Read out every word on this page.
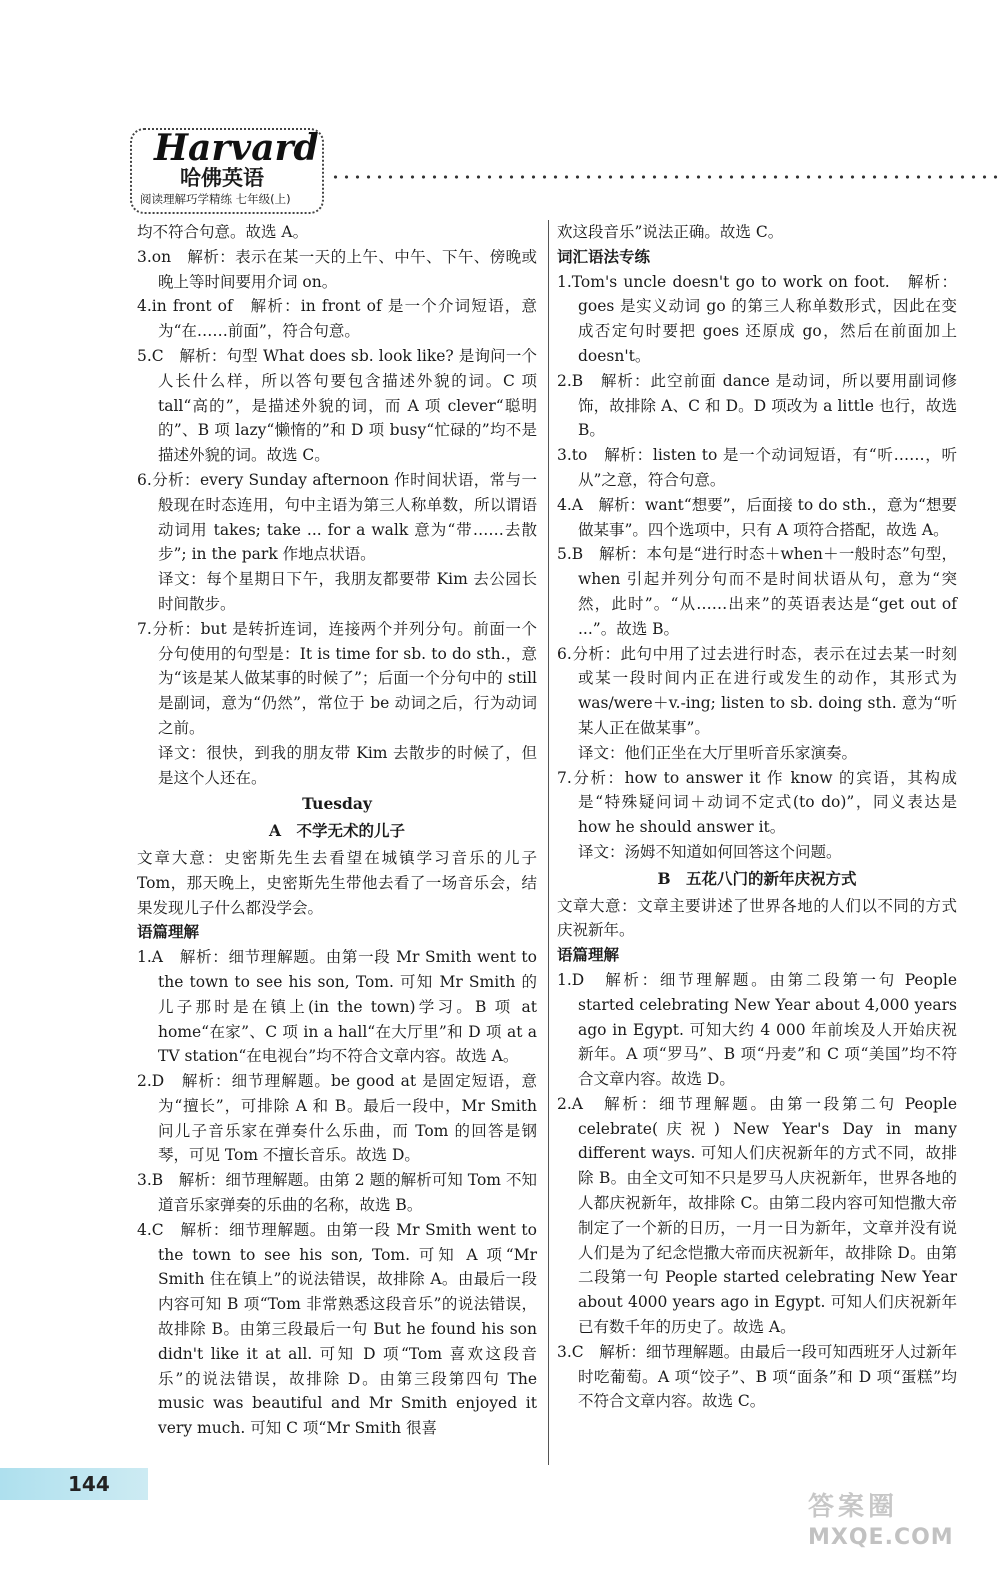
Harvard
哈佛英语
阅读理解巧学精练 七年级(上)

均不符合句意。故选 A。

3.on　解析：表示在某一天的上午、中午、下午、傍晚或晚上等时间要用介词 on。

4.in front of　解析：in front of 是一个介词短语，意为“在……前面”，符合句意。

5.C　解析：句型 What does sb. look like? 是询问一个人长什么样，所以答句要包含描述外貌的词。C 项 tall“高的”，是描述外貌的词，而 A 项 clever“聪明的”、B 项 lazy“懒惰的”和 D 项 busy“忙碌的”均不是描述外貌的词。故选 C。

6.分析：every Sunday afternoon 作时间状语，常与一般现在时态连用，句中主语为第三人称单数，所以谓语动词用 takes; take ... for a walk 意为“带……去散步”; in the park 作地点状语。

译文：每个星期日下午，我朋友都要带 Kim 去公园长时间散步。

7.分析：but 是转折连词，连接两个并列分句。前面一个分句使用的句型是：It is time for sb. to do sth.，意为“该是某人做某事的时候了”；后面一个分句中的 still 是副词，意为“仍然”，常位于 be 动词之后，行为动词之前。

译文：很快，到我的朋友带 Kim 去散步的时候了，但是这个人还在。

Tuesday

A　不学无术的儿子

文章大意：史密斯先生去看望在城镇学习音乐的儿子 Tom，那天晚上，史密斯先生带他去看了一场音乐会，结果发现儿子什么都没学会。

语篇理解

1.A　解析：细节理解题。由第一段 Mr Smith went to the town to see his son, Tom. 可知 Mr Smith 的儿子那时是在镇上(in the town)学习。B 项 at home“在家”、C 项 in a hall“在大厅里”和 D 项 at a TV station“在电视台”均不符合文章内容。故选 A。

2.D　解析：细节理解题。be good at 是固定短语，意为“擅长”，可排除 A 和 B。最后一段中，Mr Smith 问儿子音乐家在弹奏什么乐曲，而 Tom 的回答是钢琴，可见 Tom 不擅长音乐。故选 D。

3.B　解析：细节理解题。由第 2 题的解析可知 Tom 不知道音乐家弹奏的乐曲的名称，故选 B。

4.C　解析：细节理解题。由第一段 Mr Smith went to the town to see his son, Tom. 可知 A 项“Mr Smith 住在镇上”的说法错误，故排除 A。由最后一段内容可知 B 项“Tom 非常熟悉这段音乐”的说法错误，故排除 B。由第三段最后一句 But he found his son didn't like it at all. 可知 D 项“Tom 喜欢这段音乐”的说法错误，故排除 D。由第三段第四句 The music was beautiful and Mr Smith enjoyed it very much. 可知 C 项“Mr Smith 很喜

欢这段音乐”说法正确。故选 C。

词汇语法专练

1.Tom's uncle doesn't go to work on foot.　解析：goes 是实义动词 go 的第三人称单数形式，因此在变成否定句时要把 goes 还原成 go，然后在前面加上 doesn't。

2.B　解析：此空前面 dance 是动词，所以要用副词修饰，故排除 A、C 和 D。D 项改为 a little 也行，故选 B。

3.to　解析：listen to 是一个动词短语，有“听……，听从”之意，符合句意。

4.A　解析：want“想要”，后面接 to do sth.，意为“想要做某事”。四个选项中，只有 A 项符合搭配，故选 A。

5.B　解析：本句是“进行时态＋when＋一般时态”句型，when 引起并列分句而不是时间状语从句，意为“突然，此时”。“从……出来”的英语表达是“get out of ...”。故选 B。

6.分析：此句中用了过去进行时态，表示在过去某一时刻或某一段时间内正在进行或发生的动作，其形式为 was/were＋v.-ing; listen to sb. doing sth. 意为“听某人正在做某事”。

译文：他们正坐在大厅里听音乐家演奏。

7.分析：how to answer it 作 know 的宾语，其构成是“特殊疑问词＋动词不定式(to do)”，同义表达是 how he should answer it。

译文：汤姆不知道如何回答这个问题。

B　五花八门的新年庆祝方式

文章大意：文章主要讲述了世界各地的人们以不同的方式庆祝新年。

语篇理解

1.D　解析：细节理解题。由第二段第一句 People started celebrating New Year about 4,000 years ago in Egypt. 可知大约 4 000 年前埃及人开始庆祝新年。A 项“罗马”、B 项“丹麦”和 C 项“美国”均不符合文章内容。故选 D。

2.A　解析：细节理解题。由第一段第二句 People celebrate(庆祝) New Year's Day in many different ways. 可知人们庆祝新年的方式不同，故排除 B。由全文可知不只是罗马人庆祝新年，世界各地的人都庆祝新年，故排除 C。由第二段内容可知恺撒大帝制定了一个新的日历，一月一日为新年，文章并没有说人们是为了纪念恺撒大帝而庆祝新年，故排除 D。由第二段第一句 People started celebrating New Year about 4000 years ago in Egypt. 可知人们庆祝新年已有数千年的历史了。故选 A。

3.C　解析：细节理解题。由最后一段可知西班牙人过新年时吃葡萄。A 项“饺子”、B 项“面条”和 D 项“蛋糕”均不符合文章内容。故选 C。

144
答案圈
MXQE.COM
